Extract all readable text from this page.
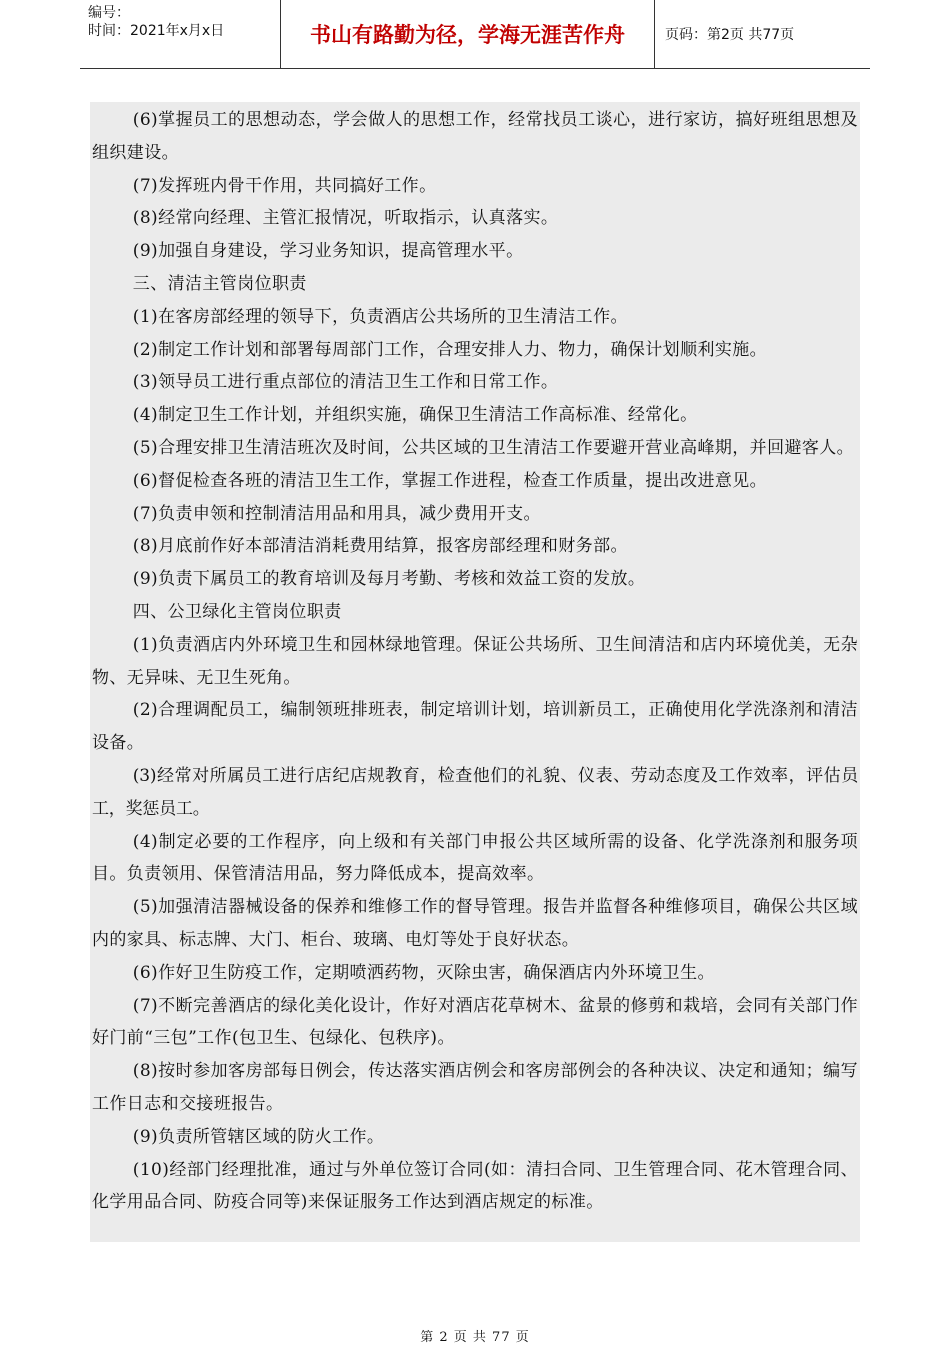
编号：
时间：2021年x月x日	书山有路勤为径，学海无涯苦作舟	页码：第2页 共77页

(6)掌握员工的思想动态，学会做人的思想工作，经常找员工谈心，进行家访，搞好班组思想及组织建设。

(7)发挥班内骨干作用，共同搞好工作。

(8)经常向经理、主管汇报情况，听取指示，认真落实。

(9)加强自身建设，学习业务知识，提高管理水平。

三、清洁主管岗位职责

(1)在客房部经理的领导下，负责酒店公共场所的卫生清洁工作。

(2)制定工作计划和部署每周部门工作，合理安排人力、物力，确保计划顺利实施。

(3)领导员工进行重点部位的清洁卫生工作和日常工作。

(4)制定卫生工作计划，并组织实施，确保卫生清洁工作高标准、经常化。

(5)合理安排卫生清洁班次及时间，公共区域的卫生清洁工作要避开营业高峰期，并回避客人。

(6)督促检查各班的清洁卫生工作，掌握工作进程，检查工作质量，提出改进意见。

(7)负责申领和控制清洁用品和用具，减少费用开支。

(8)月底前作好本部清洁消耗费用结算，报客房部经理和财务部。

(9)负责下属员工的教育培训及每月考勤、考核和效益工资的发放。

四、公卫绿化主管岗位职责

(1)负责酒店内外环境卫生和园林绿地管理。保证公共场所、卫生间清洁和店内环境优美，无杂物、无异味、无卫生死角。

(2)合理调配员工，编制领班排班表，制定培训计划，培训新员工，正确使用化学洗涤剂和清洁设备。

(3)经常对所属员工进行店纪店规教育，检查他们的礼貌、仪表、劳动态度及工作效率，评估员工，奖惩员工。

(4)制定必要的工作程序，向上级和有关部门申报公共区域所需的设备、化学洗涤剂和服务项目。负责领用、保管清洁用品，努力降低成本，提高效率。

(5)加强清洁器械设备的保养和维修工作的督导管理。报告并监督各种维修项目，确保公共区域内的家具、标志牌、大门、柜台、玻璃、电灯等处于良好状态。

(6)作好卫生防疫工作，定期喷洒药物，灭除虫害，确保酒店内外环境卫生。

(7)不断完善酒店的绿化美化设计，作好对酒店花草树木、盆景的修剪和栽培，会同有关部门作好门前“三包”工作(包卫生、包绿化、包秩序)。

(8)按时参加客房部每日例会，传达落实酒店例会和客房部例会的各种决议、决定和通知；编写工作日志和交接班报告。

(9)负责所管辖区域的防火工作。

(10)经部门经理批准，通过与外单位签订合同(如：清扫合同、卫生管理合同、花木管理合同、化学用品合同、防疫合同等)来保证服务工作达到酒店规定的标准。

第 2 页 共 77 页
